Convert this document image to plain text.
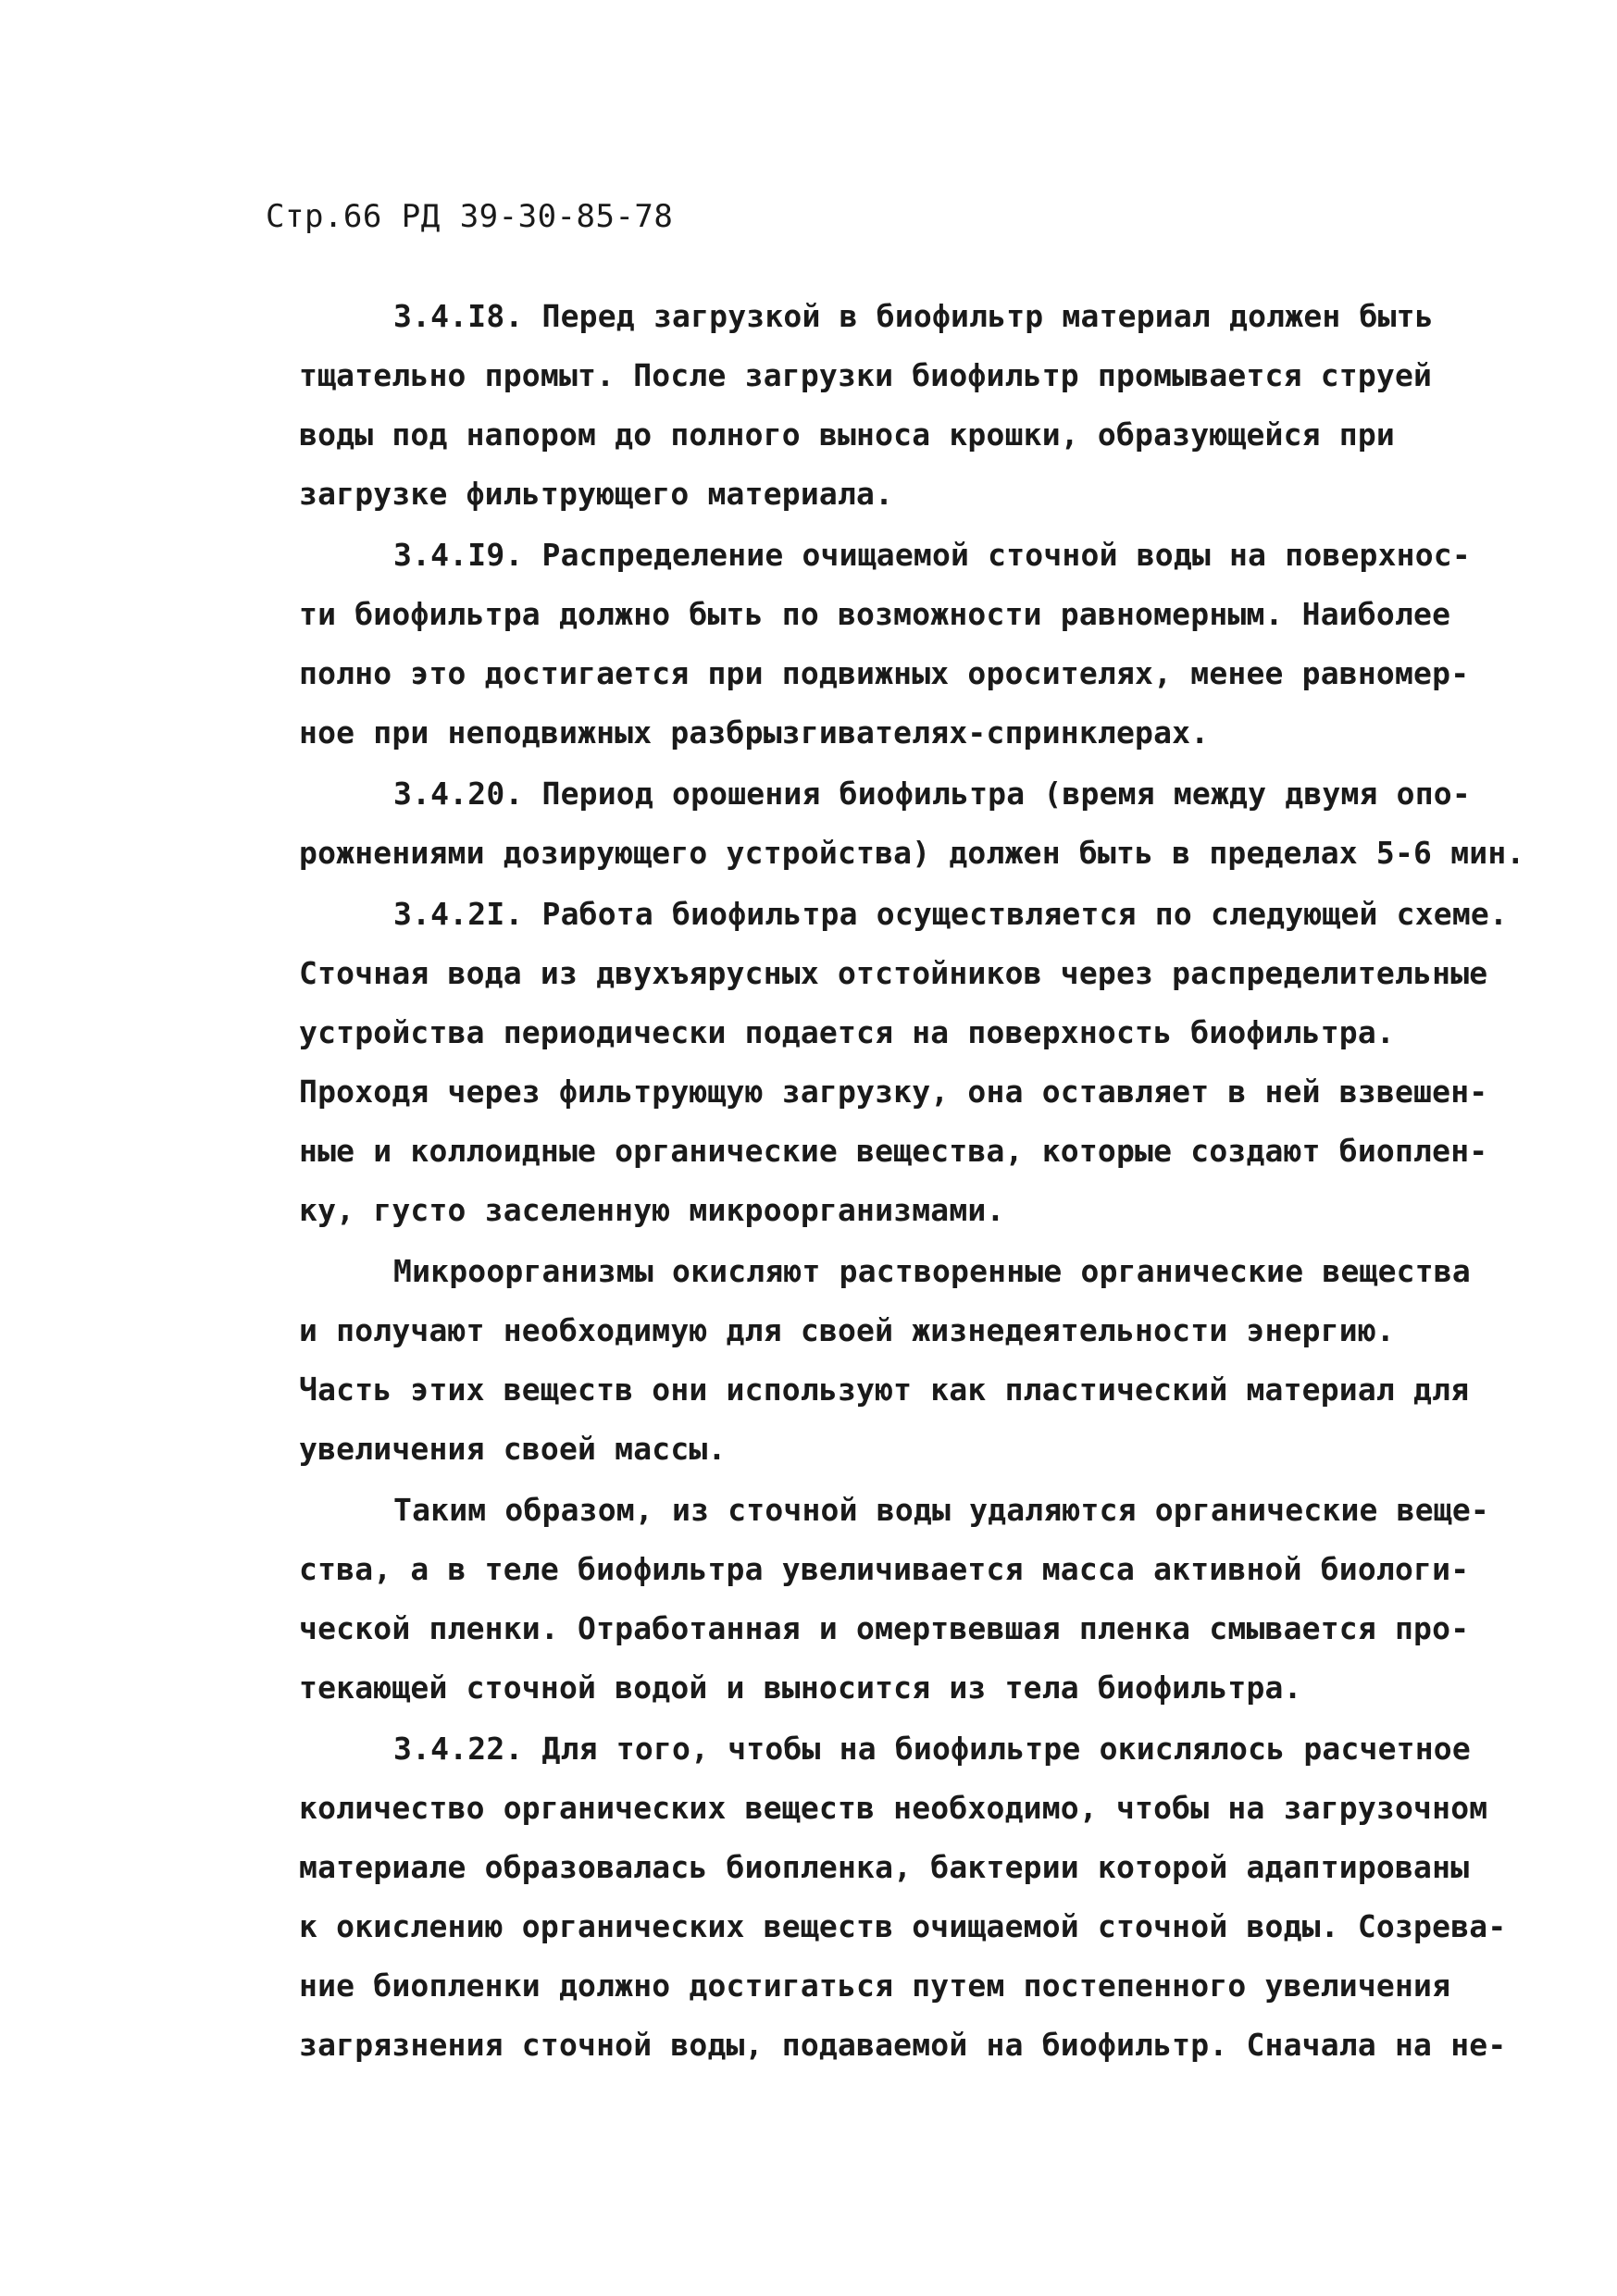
Стр.66 РД 39-30-85-78
3.4.I8. Перед загрузкой в биофильтр материал должен быть
тщательно промыт. После загрузки биофильтр промывается струей
воды под напором до полного выноса крошки, образующейся при
загрузке фильтрующего материала.
3.4.I9. Распределение очищаемой сточной воды на поверхнос-
ти биофильтра должно быть по возможности равномерным. Наиболее
полно это достигается при подвижных оросителях, менее равномер-
ное при неподвижных разбрызгивателях-спринклерах.
3.4.20. Период орошения биофильтра (время между двумя опо-
рожнениями дозирующего устройства) должен быть в пределах 5-6 мин.
3.4.2I. Работа биофильтра осуществляется по следующей схеме.
Сточная вода из двухъярусных отстойников через распределительные
устройства периодически подается на поверхность биофильтра.
Проходя через фильтрующую загрузку, она оставляет в ней взвешен-
ные и коллоидные органические вещества, которые создают биоплен-
ку, густо заселенную микроорганизмами.
Микроорганизмы окисляют растворенные органические вещества
и получают необходимую для своей жизнедеятельности энергию.
Часть этих веществ они используют как пластический материал для
увеличения своей массы.
Таким образом, из сточной воды удаляются органические веще-
ства, а в теле биофильтра увеличивается масса активной биологи-
ческой пленки. Отработанная и омертвевшая пленка смывается про-
текающей сточной водой и выносится из тела биофильтра.
3.4.22. Для того, чтобы на биофильтре окислялось расчетное
количество органических веществ необходимо, чтобы на загрузочном
материале образовалась биопленка, бактерии которой адаптированы
к окислению органических веществ очищаемой сточной воды. Созрева-
ние биопленки должно достигаться путем постепенного увеличения
загрязнения сточной воды, подаваемой на биофильтр. Сначала на не-
